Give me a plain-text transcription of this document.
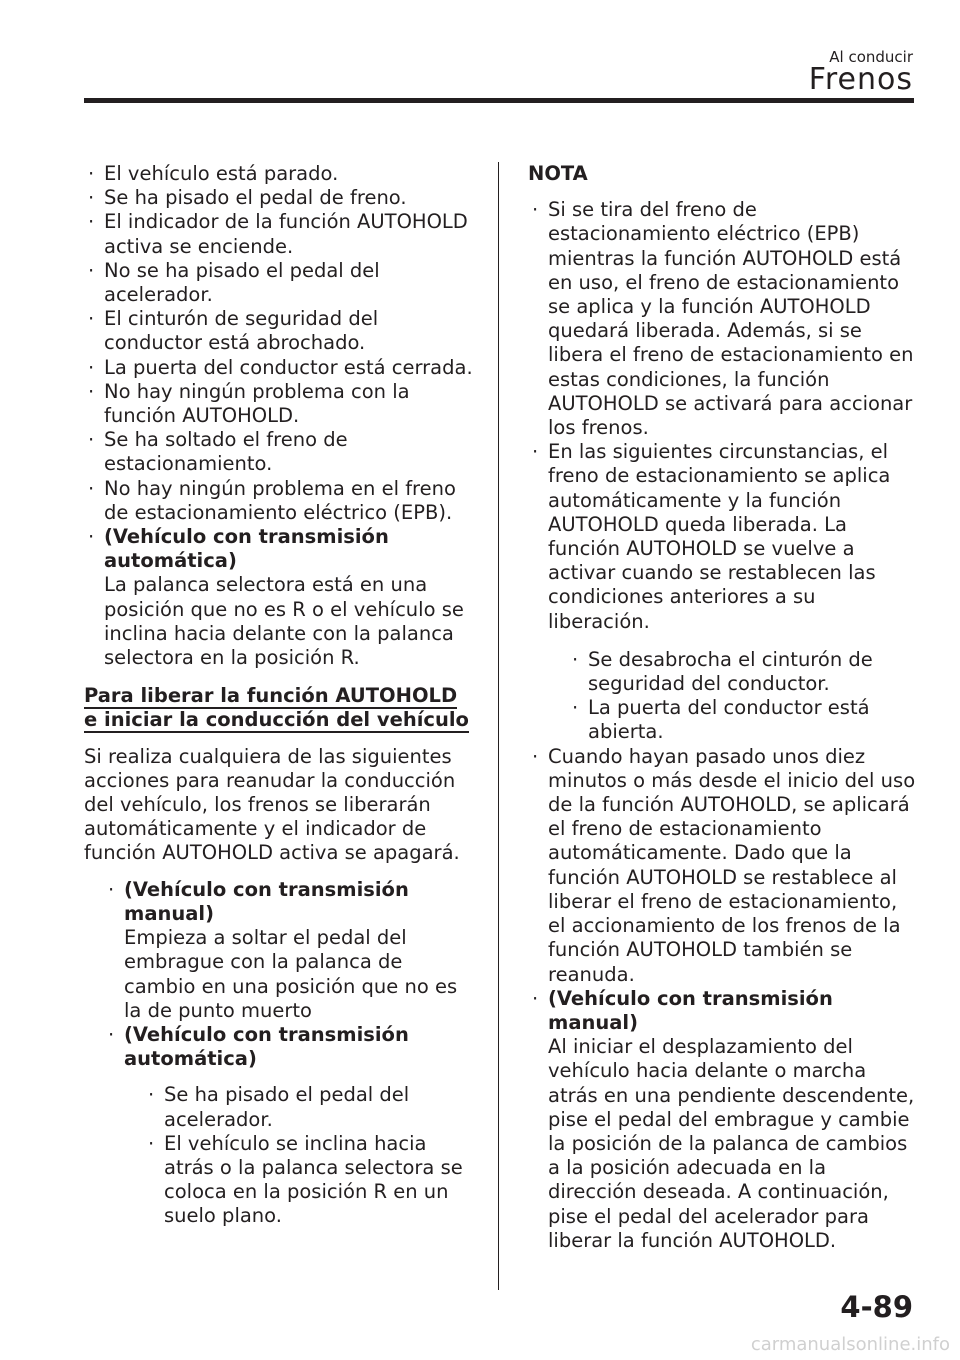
Al conducir
Frenos
· El vehículo está parado.
· Se ha pisado el pedal de freno.
· El indicador de la función AUTOHOLD activa se enciende.
· No se ha pisado el pedal del acelerador.
· El cinturón de seguridad del conductor está abrochado.
· La puerta del conductor está cerrada.
· No hay ningún problema con la función AUTOHOLD.
· Se ha soltado el freno de estacionamiento.
· No hay ningún problema en el freno de estacionamiento eléctrico (EPB).
· (Vehículo con transmisión automática)
La palanca selectora está en una posición que no es R o el vehículo se inclina hacia delante con la palanca selectora en la posición R.
Para liberar la función AUTOHOLD e iniciar la conducción del vehículo

Si realiza cualquiera de las siguientes acciones para reanudar la conducción del vehículo, los frenos se liberarán automáticamente y el indicador de función AUTOHOLD activa se apagará.

· (Vehículo con transmisión manual)
Empieza a soltar el pedal del embrague con la palanca de cambio en una posición que no es la de punto muerto
· (Vehículo con transmisión automática)
· Se ha pisado el pedal del acelerador.
· El vehículo se inclina hacia atrás o la palanca selectora se coloca en la posición R en un suelo plano.
NOTA
· Si se tira del freno de estacionamiento eléctrico (EPB) mientras la función AUTOHOLD está en uso, el freno de estacionamiento se aplica y la función AUTOHOLD quedará liberada. Además, si se libera el freno de estacionamiento en estas condiciones, la función AUTOHOLD se activará para accionar los frenos.
· En las siguientes circunstancias, el freno de estacionamiento se aplica automáticamente y la función AUTOHOLD queda liberada. La función AUTOHOLD se vuelve a activar cuando se restablecen las condiciones anteriores a su liberación.
· Se desabrocha el cinturón de seguridad del conductor.
· La puerta del conductor está abierta.
· Cuando hayan pasado unos diez minutos o más desde el inicio del uso de la función AUTOHOLD, se aplicará el freno de estacionamiento automáticamente. Dado que la función AUTOHOLD se restablece al liberar el freno de estacionamiento, el accionamiento de los frenos de la función AUTOHOLD también se reanuda.
· (Vehículo con transmisión manual)
Al iniciar el desplazamiento del vehículo hacia delante o marcha atrás en una pendiente descendente, pise el pedal del embrague y cambie la posición de la palanca de cambios a la posición adecuada en la dirección deseada. A continuación, pise el pedal del acelerador para liberar la función AUTOHOLD.
4-89
carmanualsonline.info
